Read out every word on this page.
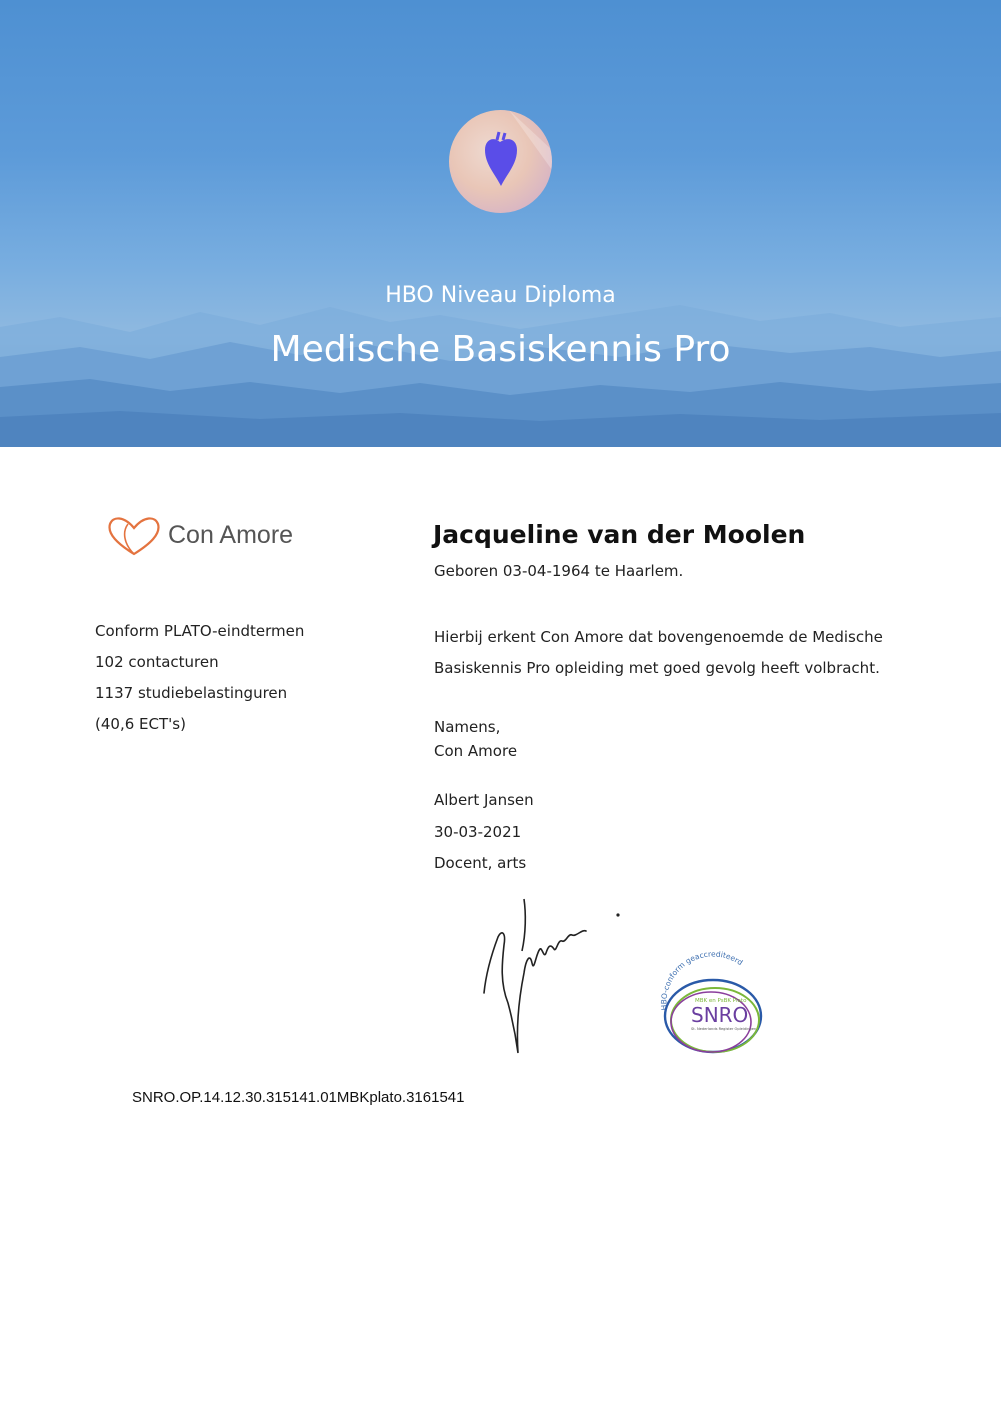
HBO Niveau Diploma
Medische Basiskennis Pro
Con Amore
Conform PLATO-eindtermen
102 contacturen
1137 studiebelastinguren
(40,6 ECT's)
Jacqueline van der Moolen
Geboren 03-04-1964 te Haarlem.
Hierbij erkent Con Amore dat bovengenoemde de Medische Basiskennis Pro opleiding met goed gevolg heeft volbracht.
Namens,
Con Amore
Albert Jansen
30-03-2021
Docent, arts
HBO-conform geaccrediteerd
MBK en PsBK Plato
SNRO
St. Nederlands Register Opleidingen
SNRO.OP.14.12.30.315141.01MBKplato.3161541
